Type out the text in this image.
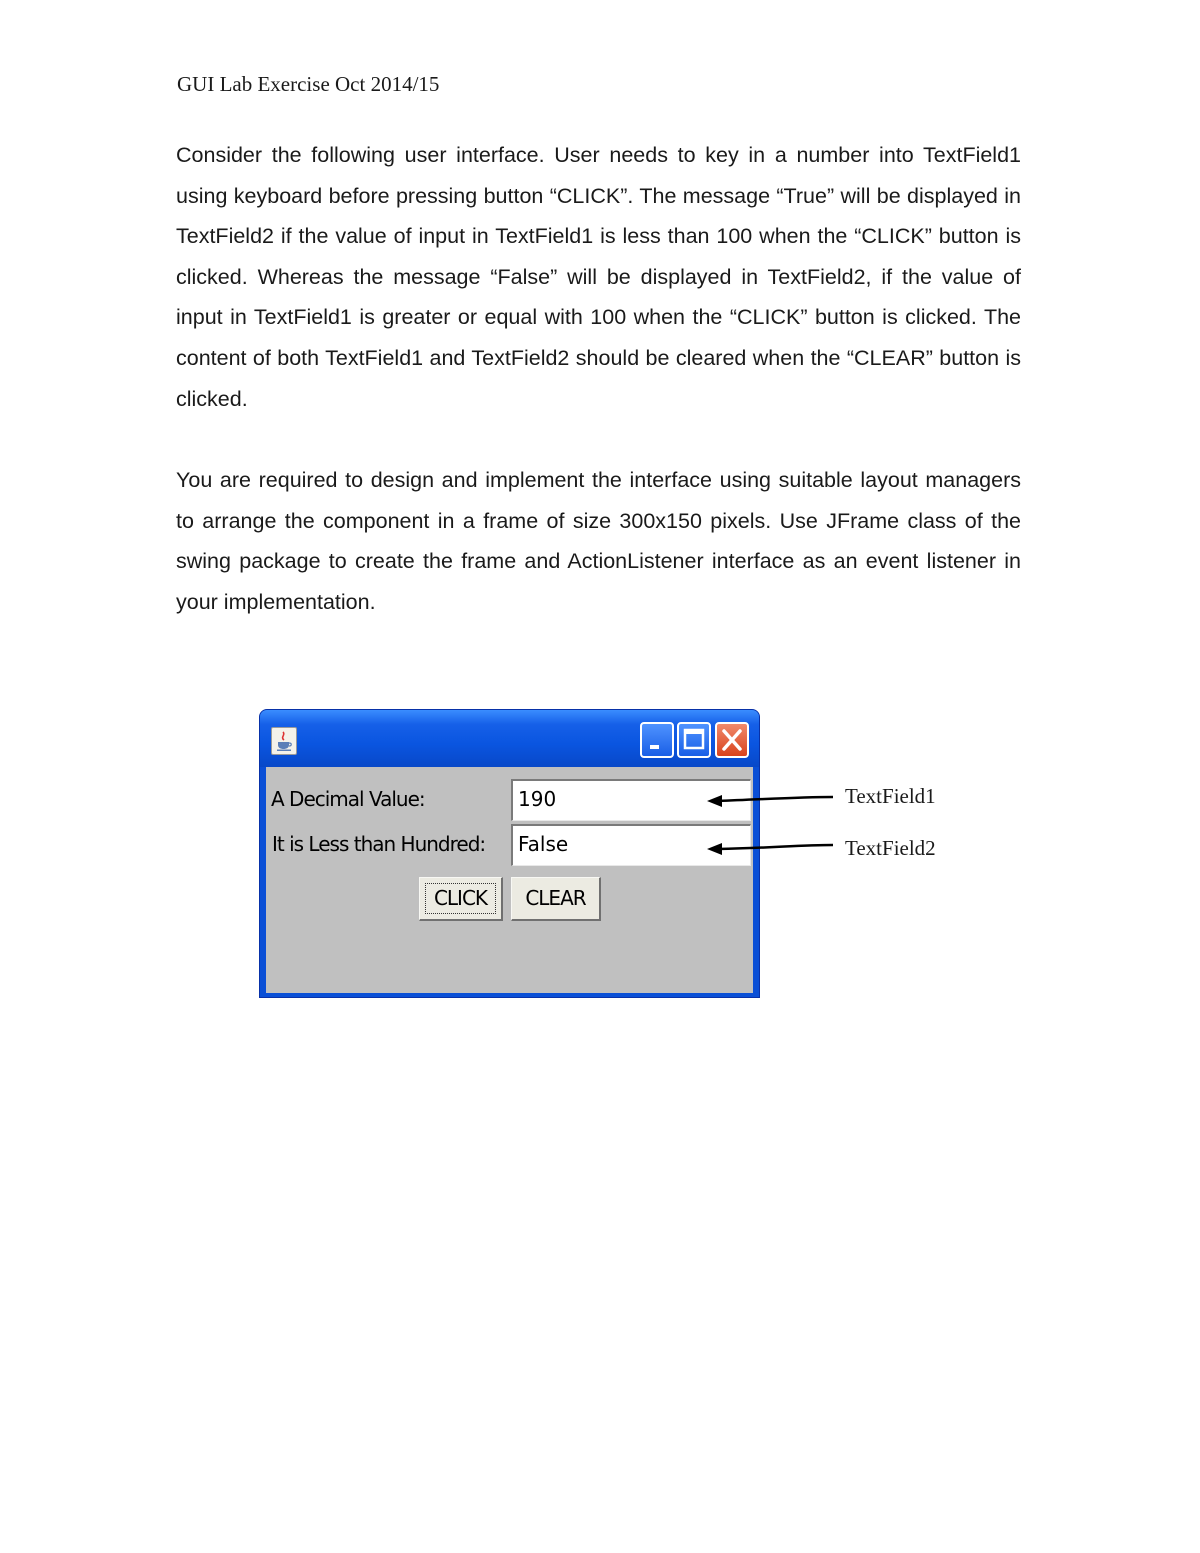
GUI Lab Exercise Oct 2014/15

Consider the following user interface. User needs to key in a number into TextField1 using keyboard before pressing button “CLICK”. The message “True” will be displayed in TextField2 if the value of input in TextField1 is less than 100 when the “CLICK” button is clicked. Whereas the message “False” will be displayed in TextField2, if the value of input in TextField1 is greater or equal with 100 when the “CLICK” button is clicked. The content of both TextField1 and TextField2 should be cleared when the “CLEAR” button is clicked.

You are required to design and implement the interface using suitable layout managers to arrange the component in a frame of size 300x150 pixels. Use JFrame class of the swing package to create the frame and ActionListener interface as an event listener in your implementation.

A Decimal Value:	190
It is Less than Hundred:	False
CLICK	CLEAR
TextField1
TextField2
